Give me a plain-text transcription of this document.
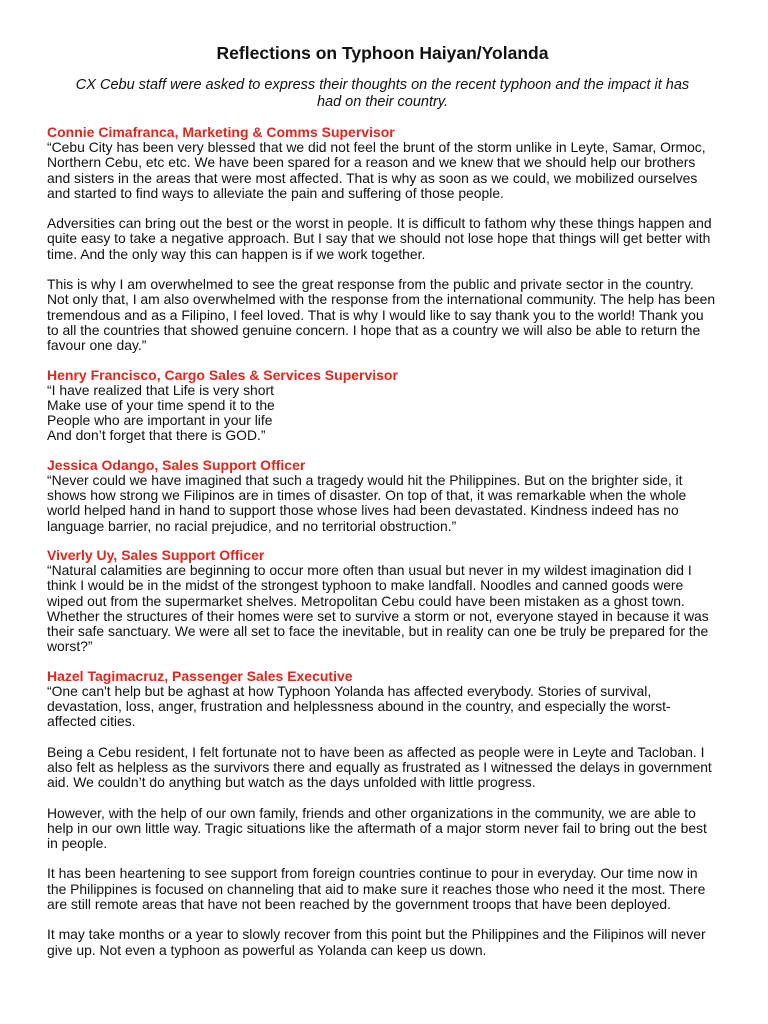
Reflections on Typhoon Haiyan/Yolanda
CX Cebu staff were asked to express their thoughts on the recent typhoon and the impact it has had on their country.
Connie Cimafranca, Marketing & Comms Supervisor

“Cebu City has been very blessed that we did not feel the brunt of the storm unlike in Leyte, Samar, Ormoc, Northern Cebu, etc etc. We have been spared for a reason and we knew that we should help our brothers and sisters in the areas that were most affected. That is why as soon as we could, we mobilized ourselves and started to find ways to alleviate the pain and suffering of those people.

Adversities can bring out the best or the worst in people. It is difficult to fathom why these things happen and quite easy to take a negative approach. But I say that we should not lose hope that things will get better with time. And the only way this can happen is if we work together.

This is why I am overwhelmed to see the great response from the public and private sector in the country. Not only that, I am also overwhelmed with the response from the international community. The help has been tremendous and as a Filipino, I feel loved. That is why I would like to say thank you to the world! Thank you to all the countries that showed genuine concern. I hope that as a country we will also be able to return the favour one day.”

Henry Francisco, Cargo Sales & Services Supervisor
“I have realized that Life is very short
Make use of your time spend it to the
People who are important in your life
And don’t forget that there is GOD.”
Jessica Odango, Sales Support Officer

“Never could we have imagined that such a tragedy would hit the Philippines. But on the brighter side, it shows how strong we Filipinos are in times of disaster. On top of that, it was remarkable when the whole world helped hand in hand to support those whose lives had been devastated. Kindness indeed has no language barrier, no racial prejudice, and no territorial obstruction.”

Viverly Uy, Sales Support Officer

“Natural calamities are beginning to occur more often than usual but never in my wildest imagination did I think I would be in the midst of the strongest typhoon to make landfall. Noodles and canned goods were wiped out from the supermarket shelves. Metropolitan Cebu could have been mistaken as a ghost town. Whether the structures of their homes were set to survive a storm or not, everyone stayed in because it was their safe sanctuary. We were all set to face the inevitable, but in reality can one be truly be prepared for the worst?”

Hazel Tagimacruz, Passenger Sales Executive

“One can't help but be aghast at how Typhoon Yolanda has affected everybody. Stories of survival, devastation, loss, anger, frustration and helplessness abound in the country, and especially the worst-affected cities.

Being a Cebu resident, I felt fortunate not to have been as affected as people were in Leyte and Tacloban. I also felt as helpless as the survivors there and equally as frustrated as I witnessed the delays in government aid. We couldn’t do anything but watch as the days unfolded with little progress.

However, with the help of our own family, friends and other organizations in the community, we are able to help in our own little way. Tragic situations like the aftermath of a major storm never fail to bring out the best in people.

It has been heartening to see support from foreign countries continue to pour in everyday. Our time now in the Philippines is focused on channeling that aid to make sure it reaches those who need it the most. There are still remote areas that have not been reached by the government troops that have been deployed.

It may take months or a year to slowly recover from this point but the Philippines and the Filipinos will never give up. Not even a typhoon as powerful as Yolanda can keep us down.
